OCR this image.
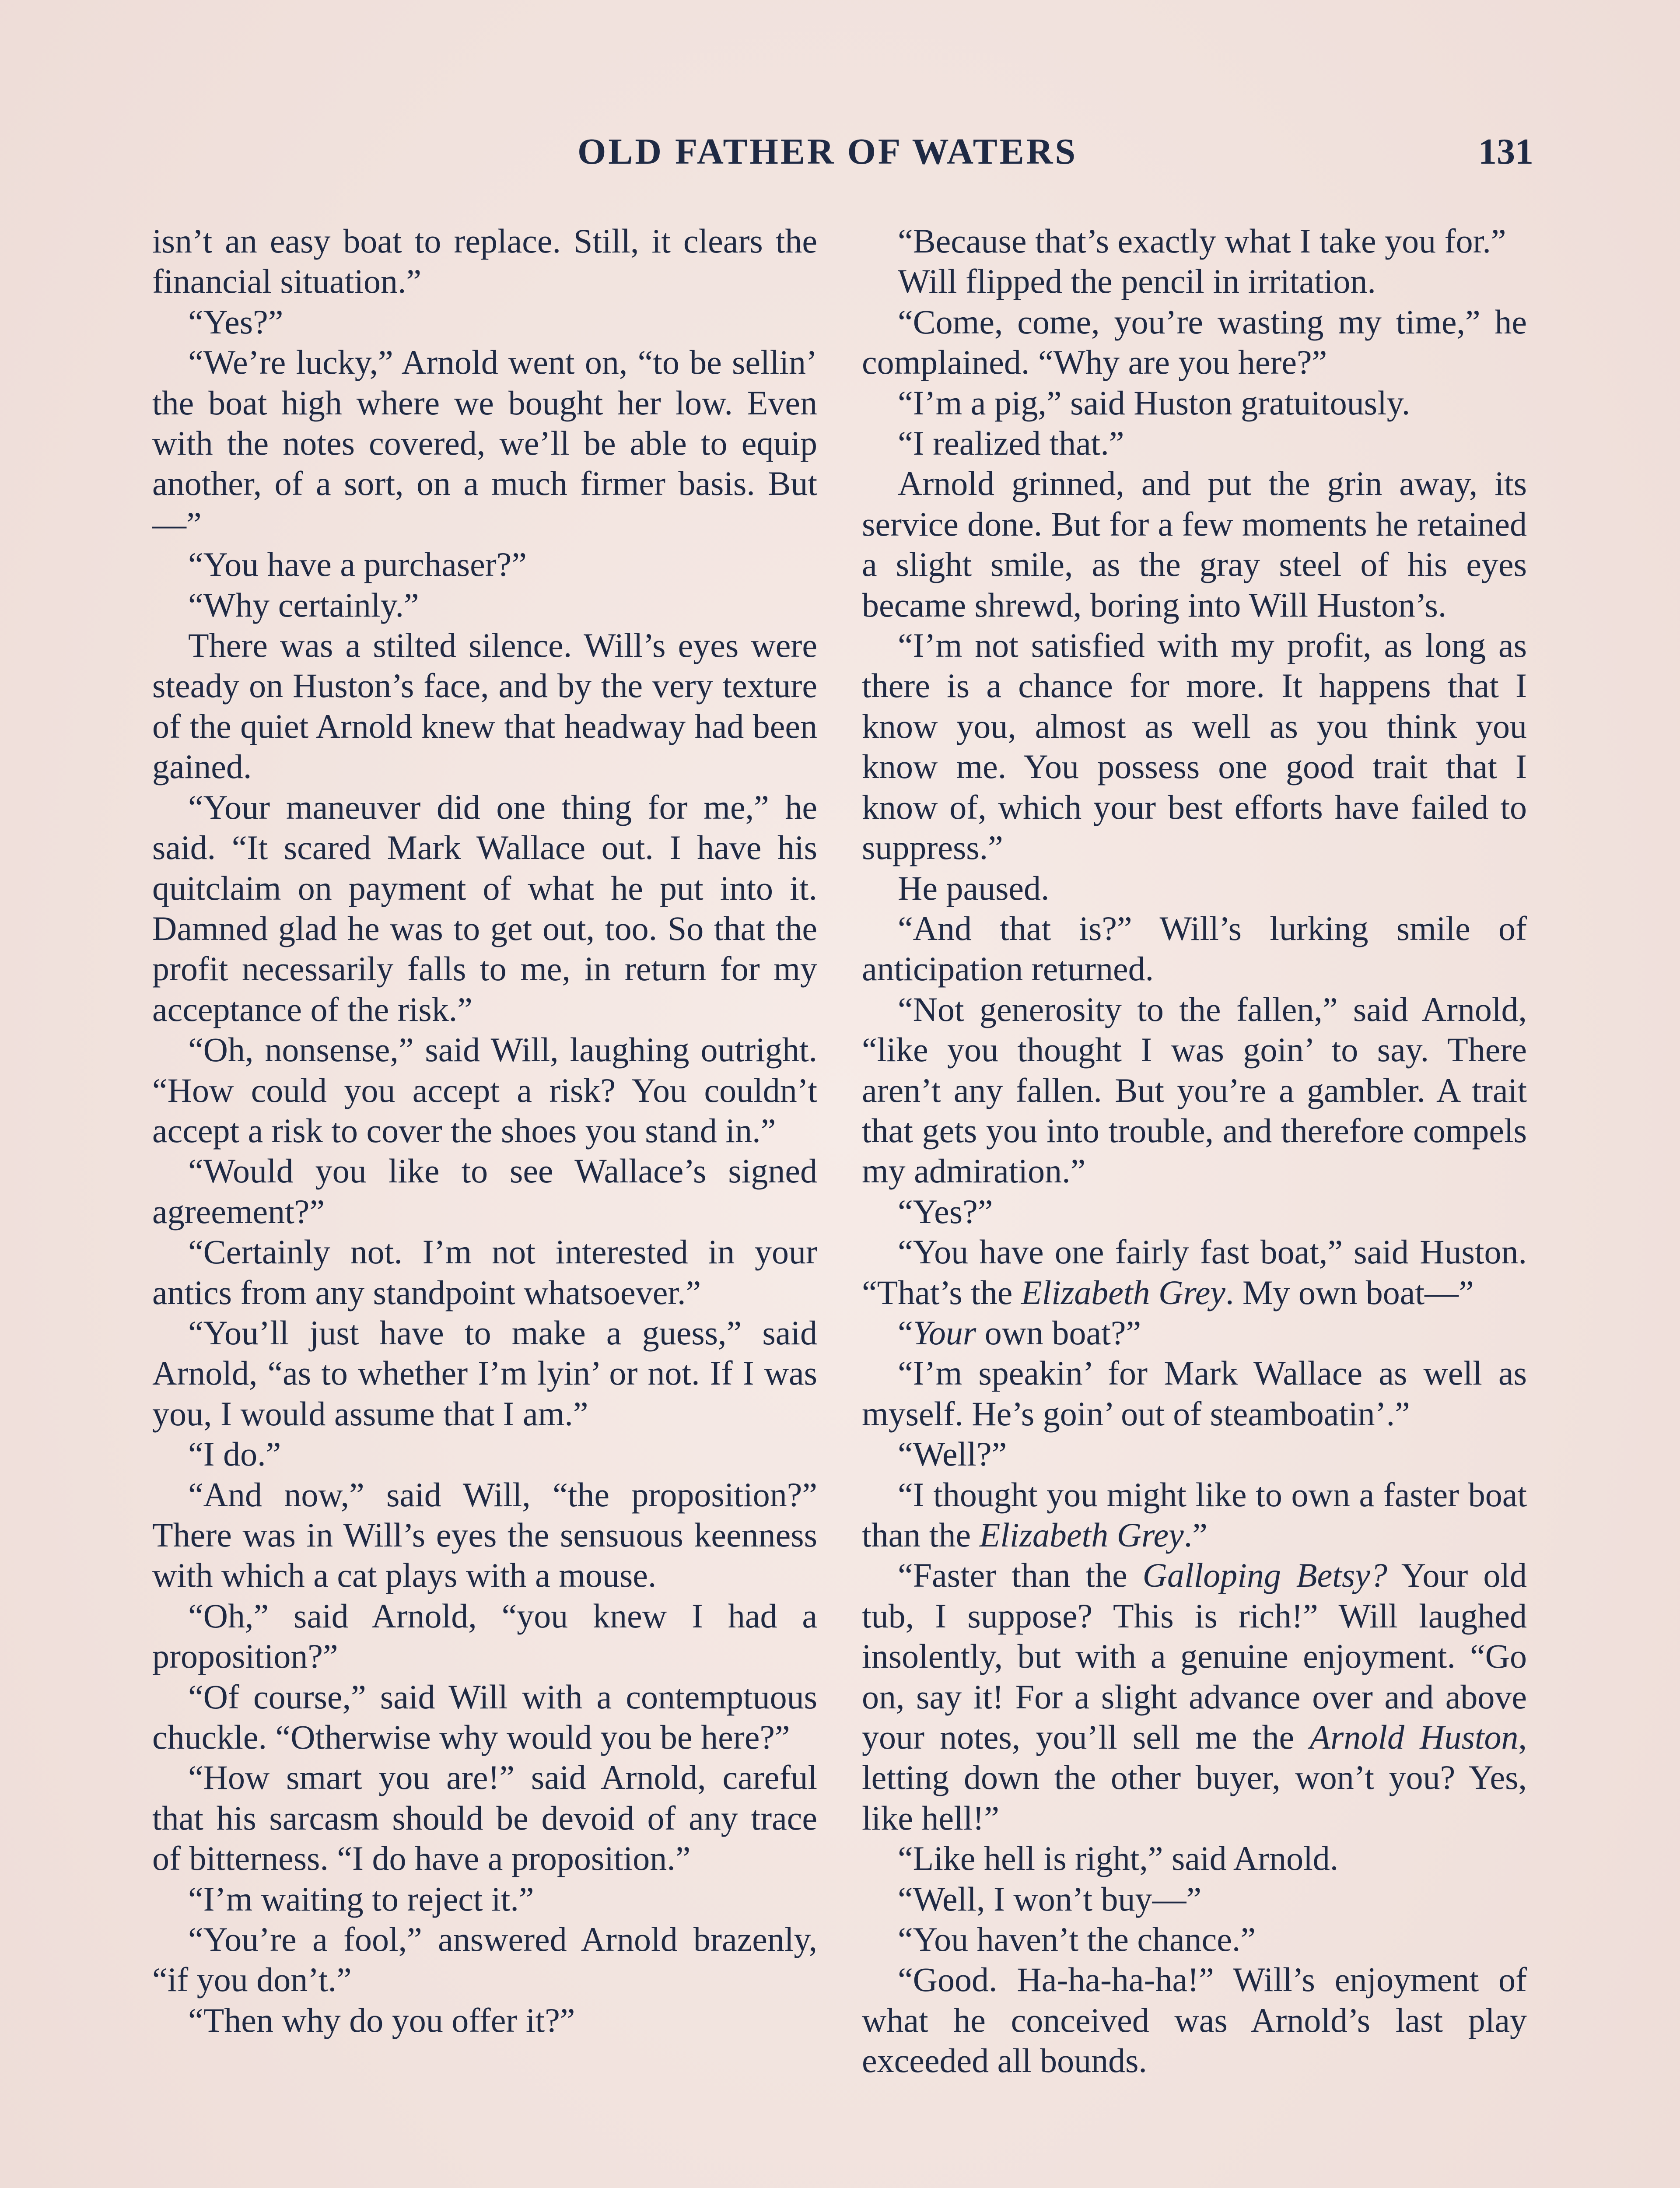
OLD FATHER OF WATERS	131

isn’t an easy boat to replace. Still, it clears the financial situation.”

“Yes?”

“We’re lucky,” Arnold went on, “to be sellin’ the boat high where we bought her low. Even with the notes covered, we’ll be able to equip another, of a sort, on a much firmer basis. But—”

“You have a purchaser?”

“Why certainly.”

There was a stilted silence. Will’s eyes were steady on Huston’s face, and by the very texture of the quiet Arnold knew that headway had been gained.

“Your maneuver did one thing for me,” he said. “It scared Mark Wallace out. I have his quitclaim on payment of what he put into it. Damned glad he was to get out, too. So that the profit necessarily falls to me, in return for my acceptance of the risk.”

“Oh, nonsense,” said Will, laughing outright. “How could you accept a risk? You couldn’t accept a risk to cover the shoes you stand in.”

“Would you like to see Wallace’s signed agreement?”

“Certainly not. I’m not interested in your antics from any standpoint whatsoever.”

“You’ll just have to make a guess,” said Arnold, “as to whether I’m lyin’ or not. If I was you, I would assume that I am.”

“I do.”

“And now,” said Will, “the proposition?” There was in Will’s eyes the sensuous keenness with which a cat plays with a mouse.

“Oh,” said Arnold, “you knew I had a proposition?”

“Of course,” said Will with a contemptuous chuckle. “Otherwise why would you be here?”

“How smart you are!” said Arnold, careful that his sarcasm should be devoid of any trace of bitterness. “I do have a proposition.”

“I’m waiting to reject it.”

“You’re a fool,” answered Arnold brazenly, “if you don’t.”

“Then why do you offer it?”

“Because that’s exactly what I take you for.”

Will flipped the pencil in irritation.

“Come, come, you’re wasting my time,” he complained. “Why are you here?”

“I’m a pig,” said Huston gratuitously.

“I realized that.”

Arnold grinned, and put the grin away, its service done. But for a few moments he retained a slight smile, as the gray steel of his eyes became shrewd, boring into Will Huston’s.

“I’m not satisfied with my profit, as long as there is a chance for more. It happens that I know you, almost as well as you think you know me. You possess one good trait that I know of, which your best efforts have failed to suppress.”

He paused.

“And that is?” Will’s lurking smile of anticipation returned.

“Not generosity to the fallen,” said Arnold, “like you thought I was goin’ to say. There aren’t any fallen. But you’re a gambler. A trait that gets you into trouble, and therefore compels my admiration.”

“Yes?”

“You have one fairly fast boat,” said Huston. “That’s the Elizabeth Grey. My own boat—”

“Your own boat?”

“I’m speakin’ for Mark Wallace as well as myself. He’s goin’ out of steamboatin’.”

“Well?”

“I thought you might like to own a faster boat than the Elizabeth Grey.”

“Faster than the Galloping Betsy? Your old tub, I suppose? This is rich!” Will laughed insolently, but with a genuine enjoyment. “Go on, say it! For a slight advance over and above your notes, you’ll sell me the Arnold Huston, letting down the other buyer, won’t you? Yes, like hell!”

“Like hell is right,” said Arnold.

“Well, I won’t buy—”

“You haven’t the chance.”

“Good. Ha-ha-ha-ha!” Will’s enjoyment of what he conceived was Arnold’s last play exceeded all bounds.
